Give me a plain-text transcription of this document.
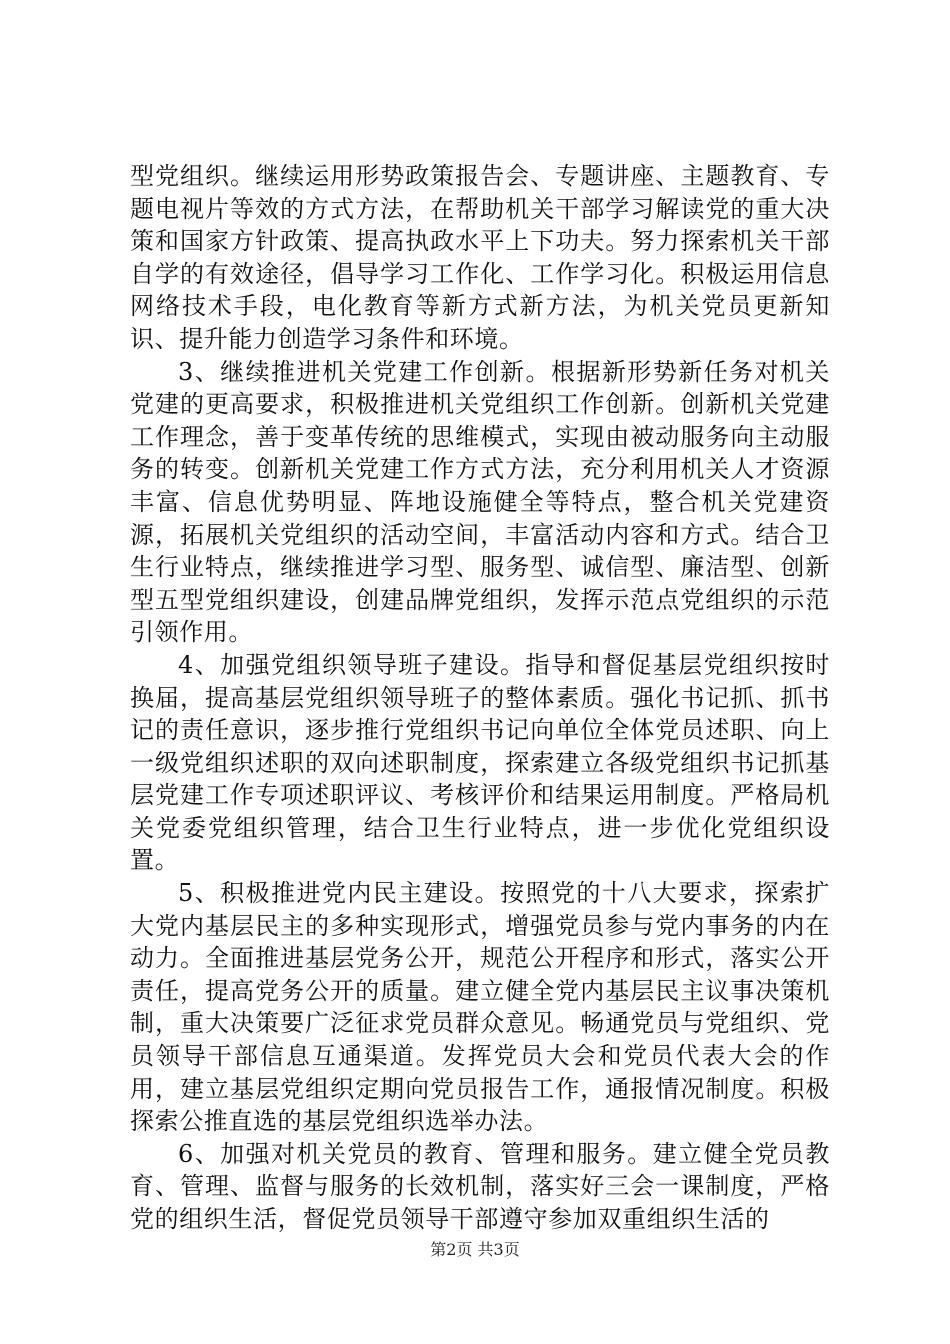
型党组织。继续运用形势政策报告会、专题讲座、主题教育、专题电视片等效的方式方法，在帮助机关干部学习解读党的重大决策和国家方针政策、提高执政水平上下功夫。努力探索机关干部自学的有效途径，倡导学习工作化、工作学习化。积极运用信息网络技术手段，电化教育等新方式新方法，为机关党员更新知识、提升能力创造学习条件和环境。

3、继续推进机关党建工作创新。根据新形势新任务对机关党建的更高要求，积极推进机关党组织工作创新。创新机关党建工作理念，善于变革传统的思维模式，实现由被动服务向主动服务的转变。创新机关党建工作方式方法，充分利用机关人才资源丰富、信息优势明显、阵地设施健全等特点，整合机关党建资源，拓展机关党组织的活动空间，丰富活动内容和方式。结合卫生行业特点，继续推进学习型、服务型、诚信型、廉洁型、创新型五型党组织建设，创建品牌党组织，发挥示范点党组织的示范引领作用。

4、加强党组织领导班子建设。指导和督促基层党组织按时换届，提高基层党组织领导班子的整体素质。强化书记抓、抓书记的责任意识，逐步推行党组织书记向单位全体党员述职、向上一级党组织述职的双向述职制度，探索建立各级党组织书记抓基层党建工作专项述职评议、考核评价和结果运用制度。严格局机关党委党组织管理，结合卫生行业特点，进一步优化党组织设置。

5、积极推进党内民主建设。按照党的十八大要求，探索扩大党内基层民主的多种实现形式，增强党员参与党内事务的内在动力。全面推进基层党务公开，规范公开程序和形式，落实公开责任，提高党务公开的质量。建立健全党内基层民主议事决策机制，重大决策要广泛征求党员群众意见。畅通党员与党组织、党员领导干部信息互通渠道。发挥党员大会和党员代表大会的作用，建立基层党组织定期向党员报告工作，通报情况制度。积极探索公推直选的基层党组织选举办法。

6、加强对机关党员的教育、管理和服务。建立健全党员教育、管理、监督与服务的长效机制，落实好三会一课制度，严格党的组织生活，督促党员领导干部遵守参加双重组织生活的

第2页 共3页
